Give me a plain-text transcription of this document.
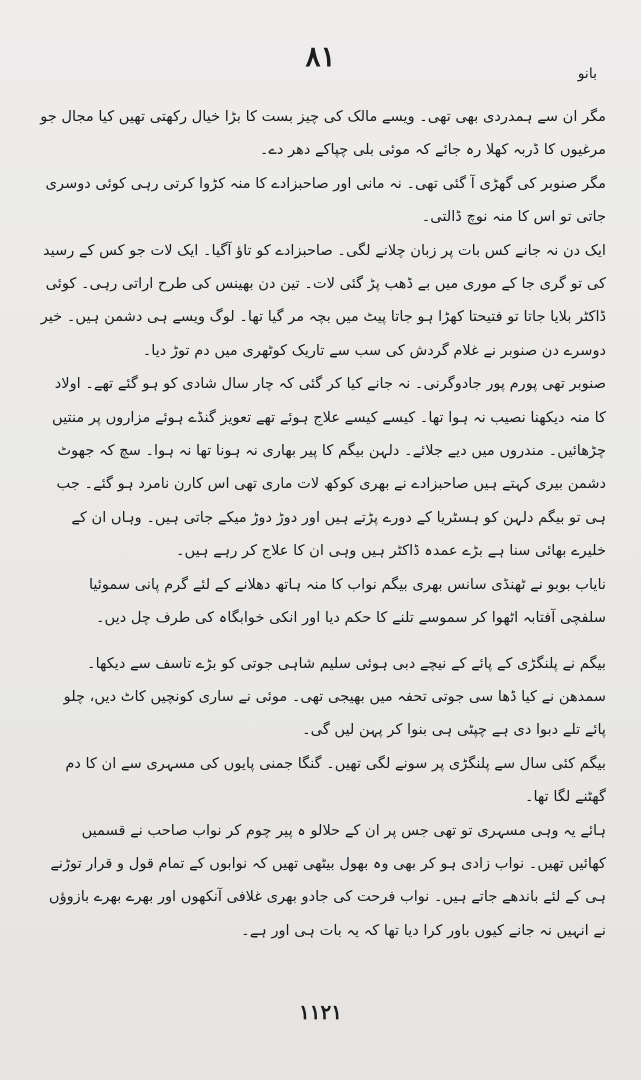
۸۱
بانو

مگر ان سے ہمدردی بھی تھی۔ ویسے مالک کی چیز بست کا بڑا خیال رکھتی تھیں کیا مجال جو مرغیوں کا ڈربہ کھلا رہ جائے کہ موئی بلی چپاکے دھر دے۔

مگر صنوبر کی گھڑی آ گئی تھی۔ نہ مانی اور صاحبزادے کا منہ کڑوا کرتی رہی کوئی دوسری جاتی تو اس کا منہ نوچ ڈالتی۔

ایک دن نہ جانے کس بات پر زبان چلانے لگی۔ صاحبزادے کو تاؤ آگیا۔ ایک لات جو کس کے رسید کی تو گری جا کے موری میں بے ڈھب پڑ گئی لات۔ تین دن بھینس کی طرح اراتی رہی۔ کوئی ڈاکٹر بلایا جاتا تو فتیحتا کھڑا ہو جاتا پیٹ میں بچہ مر گیا تھا۔ لوگ ویسے ہی دشمن ہیں۔ خیر دوسرے دن صنوبر نے غلام گردش کی سب سے تاریک کوٹھری میں دم توڑ دیا۔

صنوبر تھی پورم پور جادوگرنی۔ نہ جانے کیا کر گئی کہ چار سال شادی کو ہو گئے تھے۔ اولاد کا منہ دیکھنا نصیب نہ ہوا تھا۔ کیسے کیسے علاج ہوئے تھے تعویز گنڈے ہوئے مزاروں پر منتیں چڑھائیں۔ مندروں میں دیے جلائے۔ دلہن بیگم کا پیر بھاری نہ ہونا تھا نہ ہوا۔ سچ کہ جھوٹ دشمن بیری کہتے ہیں صاحبزادے نے بھری کوکھ لات ماری تھی اس کارن نامرد ہو گئے۔ جب ہی تو بیگم دلہن کو ہسٹریا کے دورے پڑتے ہیں اور دوڑ دوڑ میکے جاتی ہیں۔ وہاں ان کے خلیرے بھائی سنا ہے بڑے عمدہ ڈاکٹر ہیں وہی ان کا علاج کر رہے ہیں۔

نایاب بوبو نے ٹھنڈی سانس بھری بیگم نواب کا منہ ہاتھ دھلانے کے لئے گرم پانی سموئیا سلفچی آفتابہ اٹھوا کر سموسے تلنے کا حکم دیا اور انکی خوابگاہ کی طرف چل دیں۔

بیگم نے پلنگڑی کے پائے کے نیچے دبی ہوئی سلیم شاہی جوتی کو بڑے تاسف سے دیکھا۔ سمدھن نے کیا ڈھا سی جوتی تحفہ میں بھیجی تھی۔ موئی نے ساری کونچیں کاٹ دیں، چلو پائے تلے دبوا دی ہے چپٹی ہی بنوا کر پہن لیں گی۔

بیگم کئی سال سے پلنگڑی پر سونے لگی تھیں۔ گنگا جمنی پایوں کی مسہری سے ان کا دم گھٹنے لگا تھا۔

ہائے یہ وہی مسہری تو تھی جس پر ان کے حلالو ہ پیر چوم کر نواب صاحب نے قسمیں کھائیں تھیں۔ نواب زادی ہو کر بھی وہ بھول بیٹھی تھیں کہ نوابوں کے تمام قول و قرار توڑنے ہی کے لئے باندھے جاتے ہیں۔ نواب فرحت کی جادو بھری غلافی آنکھوں اور بھرے بھرے بازوؤں نے انہیں نہ جانے کیوں باور کرا دیا تھا کہ یہ بات ہی اور ہے۔

۱۱۲۱
